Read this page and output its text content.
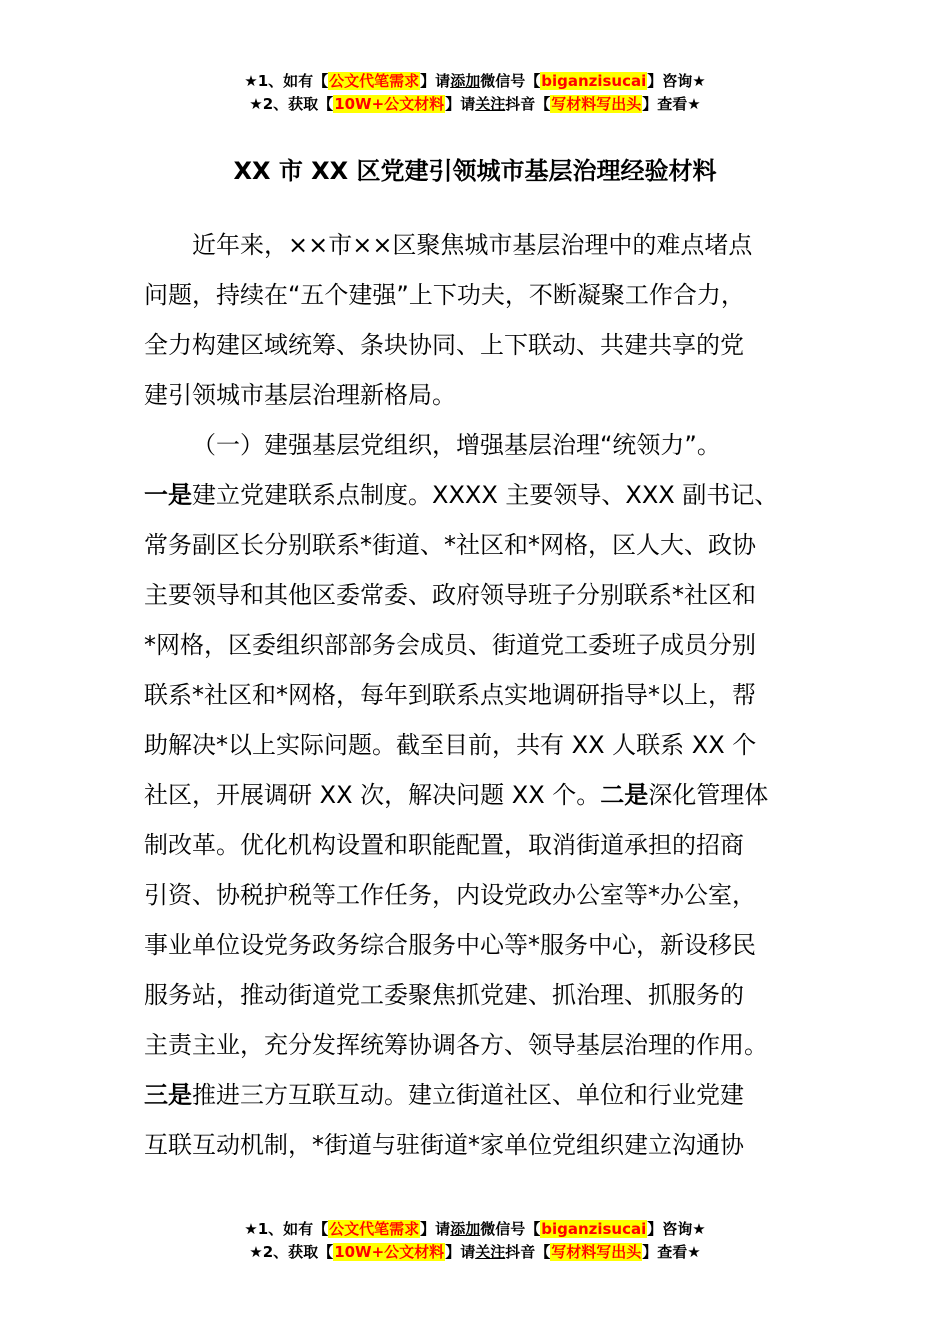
★1、如有【公文代笔需求】请添加微信号【biganzisucai】咨询★
★2、获取【10W+公文材料】请关注抖音【写材料写出头】查看★
XX 市 XX 区党建引领城市基层治理经验材料
近年来，××市××区聚焦城市基层治理中的难点堵点
问题，持续在“五个建强”上下功夫，不断凝聚工作合力，
全力构建区域统筹、条块协同、上下联动、共建共享的党
建引领城市基层治理新格局。
（一）建强基层党组织，增强基层治理“统领力”。
一是建立党建联系点制度。XXXX 主要领导、XXX 副书记、
常务副区长分别联系*街道、*社区和*网格，区人大、政协
主要领导和其他区委常委、政府领导班子分别联系*社区和
*网格，区委组织部部务会成员、街道党工委班子成员分别
联系*社区和*网格，每年到联系点实地调研指导*以上，帮
助解决*以上实际问题。截至目前，共有 XX 人联系 XX 个
社区，开展调研 XX 次，解决问题 XX 个。二是深化管理体
制改革。优化机构设置和职能配置，取消街道承担的招商
引资、协税护税等工作任务，内设党政办公室等*办公室，
事业单位设党务政务综合服务中心等*服务中心，新设移民
服务站，推动街道党工委聚焦抓党建、抓治理、抓服务的
主责主业，充分发挥统筹协调各方、领导基层治理的作用。
三是推进三方互联互动。建立街道社区、单位和行业党建
互联互动机制，*街道与驻街道*家单位党组织建立沟通协
★1、如有【公文代笔需求】请添加微信号【biganzisucai】咨询★
★2、获取【10W+公文材料】请关注抖音【写材料写出头】查看★
